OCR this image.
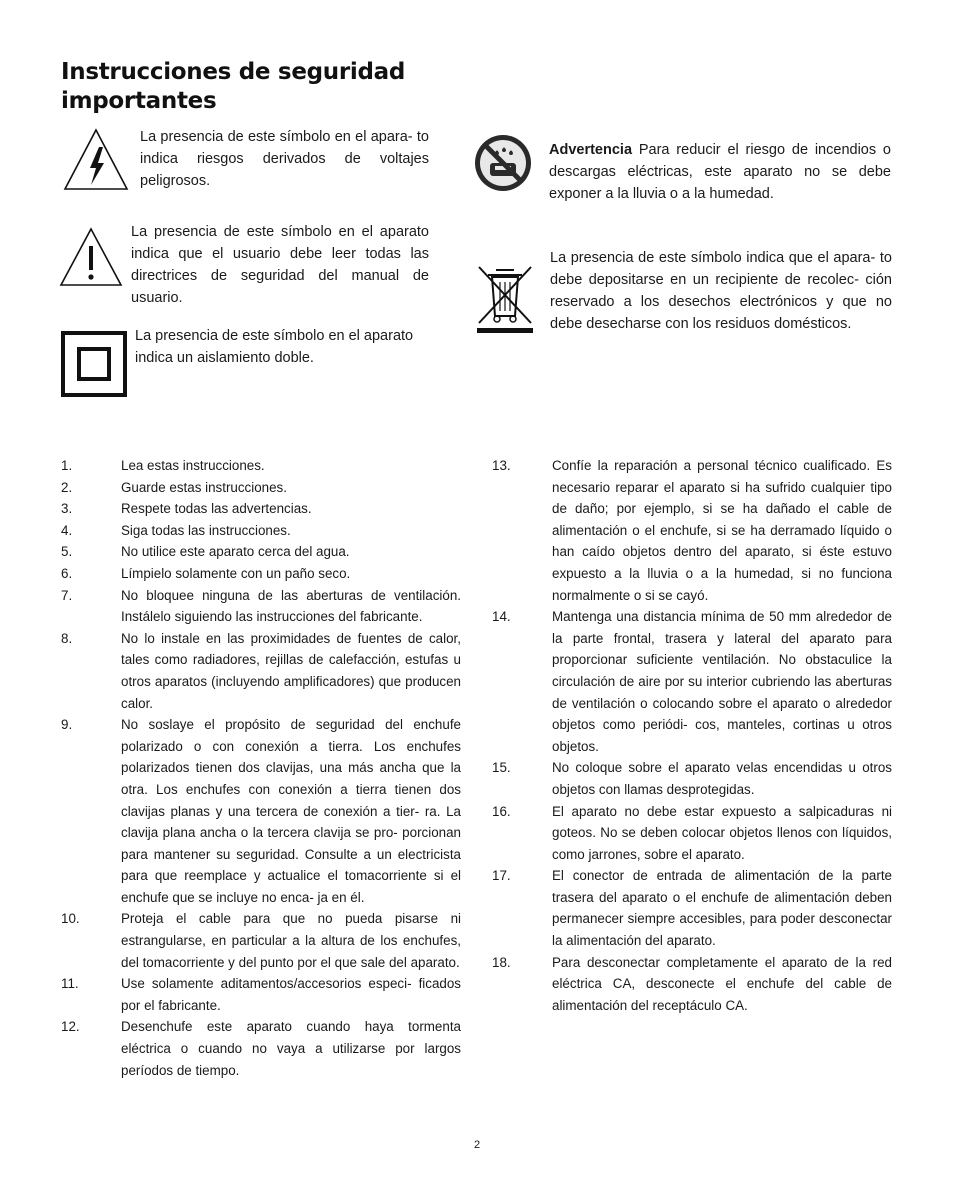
Instrucciones de seguridad importantes
La presencia de este símbolo en el apara- to indica riesgos derivados de voltajes peligrosos.
La presencia de este símbolo en el aparato indica que el usuario debe leer todas las directrices de seguridad del manual de usuario.
La presencia de este símbolo en el aparato indica un aislamiento doble.
Advertencia Para reducir el riesgo de incendios o descargas eléctricas, este aparato no se debe exponer a la lluvia o a la humedad.
La presencia de este símbolo indica que el apara- to debe depositarse en un recipiente de recolec- ción reservado a los desechos electrónicos y que no debe desecharse con los residuos domésticos.
1.	Lea estas instrucciones.
2.	Guarde estas instrucciones.
3.	Respete todas las advertencias.
4.	Siga todas las instrucciones.
5.	No utilice este aparato cerca del agua.
6.	Límpielo solamente con un paño seco.
7.	No bloquee ninguna de las aberturas de ventilación. Instálelo siguiendo las instrucciones del fabricante.
8.	No lo instale en las proximidades de fuentes de calor, tales como radiadores, rejillas de calefacción, estufas u otros aparatos (incluyendo amplificadores) que producen calor.
9.	No soslaye el propósito de seguridad del enchufe polarizado o con conexión a tierra. Los enchufes polarizados tienen dos clavijas, una más ancha que la otra. Los enchufes con conexión a tierra tienen dos clavijas planas y una tercera de conexión a tier- ra. La clavija plana ancha o la tercera clavija se pro- porcionan para mantener su seguridad. Consulte a un electricista para que reemplace y actualice el tomacorriente si el enchufe que se incluye no enca- ja en él.
10.	Proteja el cable para que no pueda pisarse ni estrangularse, en particular a la altura de los enchufes, del tomacorriente y del punto por el que sale del aparato.
11.	Use solamente aditamentos/accesorios especi- ficados por el fabricante.
12.	Desenchufe este aparato cuando haya tormenta eléctrica o cuando no vaya a utilizarse por largos períodos de tiempo.
13.	Confíe la reparación a personal técnico cualificado. Es necesario reparar el aparato si ha sufrido cualquier tipo de daño; por ejemplo, si se ha dañado el cable de alimentación o el enchufe, si se ha derramado líquido o han caído objetos dentro del aparato, si éste estuvo expuesto a la lluvia o a la humedad, si no funciona normalmente o si se cayó.
14.	Mantenga una distancia mínima de 50 mm alrededor de la parte frontal, trasera y lateral del aparato para proporcionar suficiente ventilación. No obstaculice la circulación de aire por su interior cubriendo las aberturas de ventilación o colocando sobre el aparato o alrededor objetos como periódi- cos, manteles, cortinas u otros objetos.
15.	No coloque sobre el aparato velas encendidas u otros objetos con llamas desprotegidas.
16.	El aparato no debe estar expuesto a salpicaduras ni goteos. No se deben colocar objetos llenos con líquidos, como jarrones, sobre el aparato.
17.	El conector de entrada de alimentación de la parte trasera del aparato o el enchufe de alimentación deben permanecer siempre accesibles, para poder desconectar la alimentación del aparato.
18.	Para desconectar completamente el aparato de la red eléctrica CA, desconecte el enchufe del cable de alimentación del receptáculo CA.
2
